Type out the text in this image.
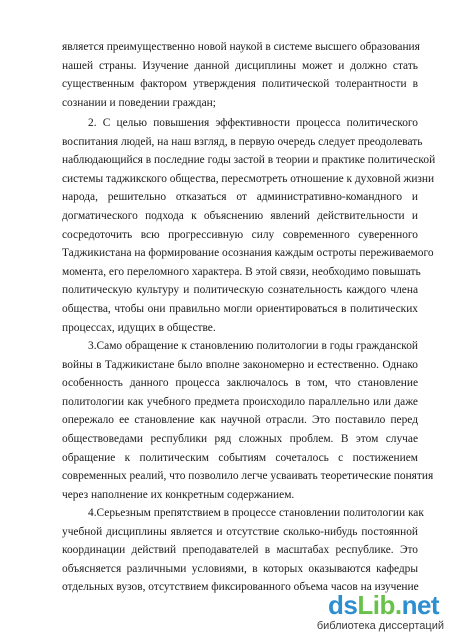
является преимущественно новой наукой в системе высшего образования
нашей страны. Изучение данной дисциплины может и должно стать
существенным фактором утверждения политической толерантности в
сознании и поведении граждан;
2. С целью повышения эффективности процесса политического
воспитания людей, на наш взгляд, в первую очередь следует преодолевать
наблюдающийся в последние годы застой в теории и практике политической
системы таджикского общества, пересмотреть отношение к духовной жизни
народа, решительно отказаться от административно-командного и
догматического подхода к объяснению явлений действительности и
сосредоточить всю прогрессивную силу современного суверенного
Таджикистана на формирование осознания каждым остроты переживаемого
момента, его переломного характера. В этой связи, необходимо повышать
политическую культуру и политическую сознательность каждого члена
общества, чтобы они правильно могли ориентироваться в политических
процессах, идущих в обществе.
3.Само обращение к становлению политологии в годы гражданской
войны в Таджикистане было вполне закономерно и естественно. Однако
особенность данного процесса заключалось в том, что становление
политологии как учебного предмета происходило параллельно или даже
опережало ее становление как научной отрасли. Это поставило перед
обществоведами республики ряд сложных проблем. В этом случае
обращение к политическим событиям сочеталось с постижением
современных реалий, что позволило легче усваивать теоретические понятия
через наполнение их конкретным содержанием.
4.Серьезным препятствием в процессе становлении политологии как
учебной дисциплины является и отсутствие сколько-нибудь постоянной
координации действий преподавателей в масштабах республике. Это
объясняется различными условиями, в которых оказываются кафедры
отдельных вузов, отсутствием фиксированного объема часов на изучение
dsLib.net
библиотека диссертаций
